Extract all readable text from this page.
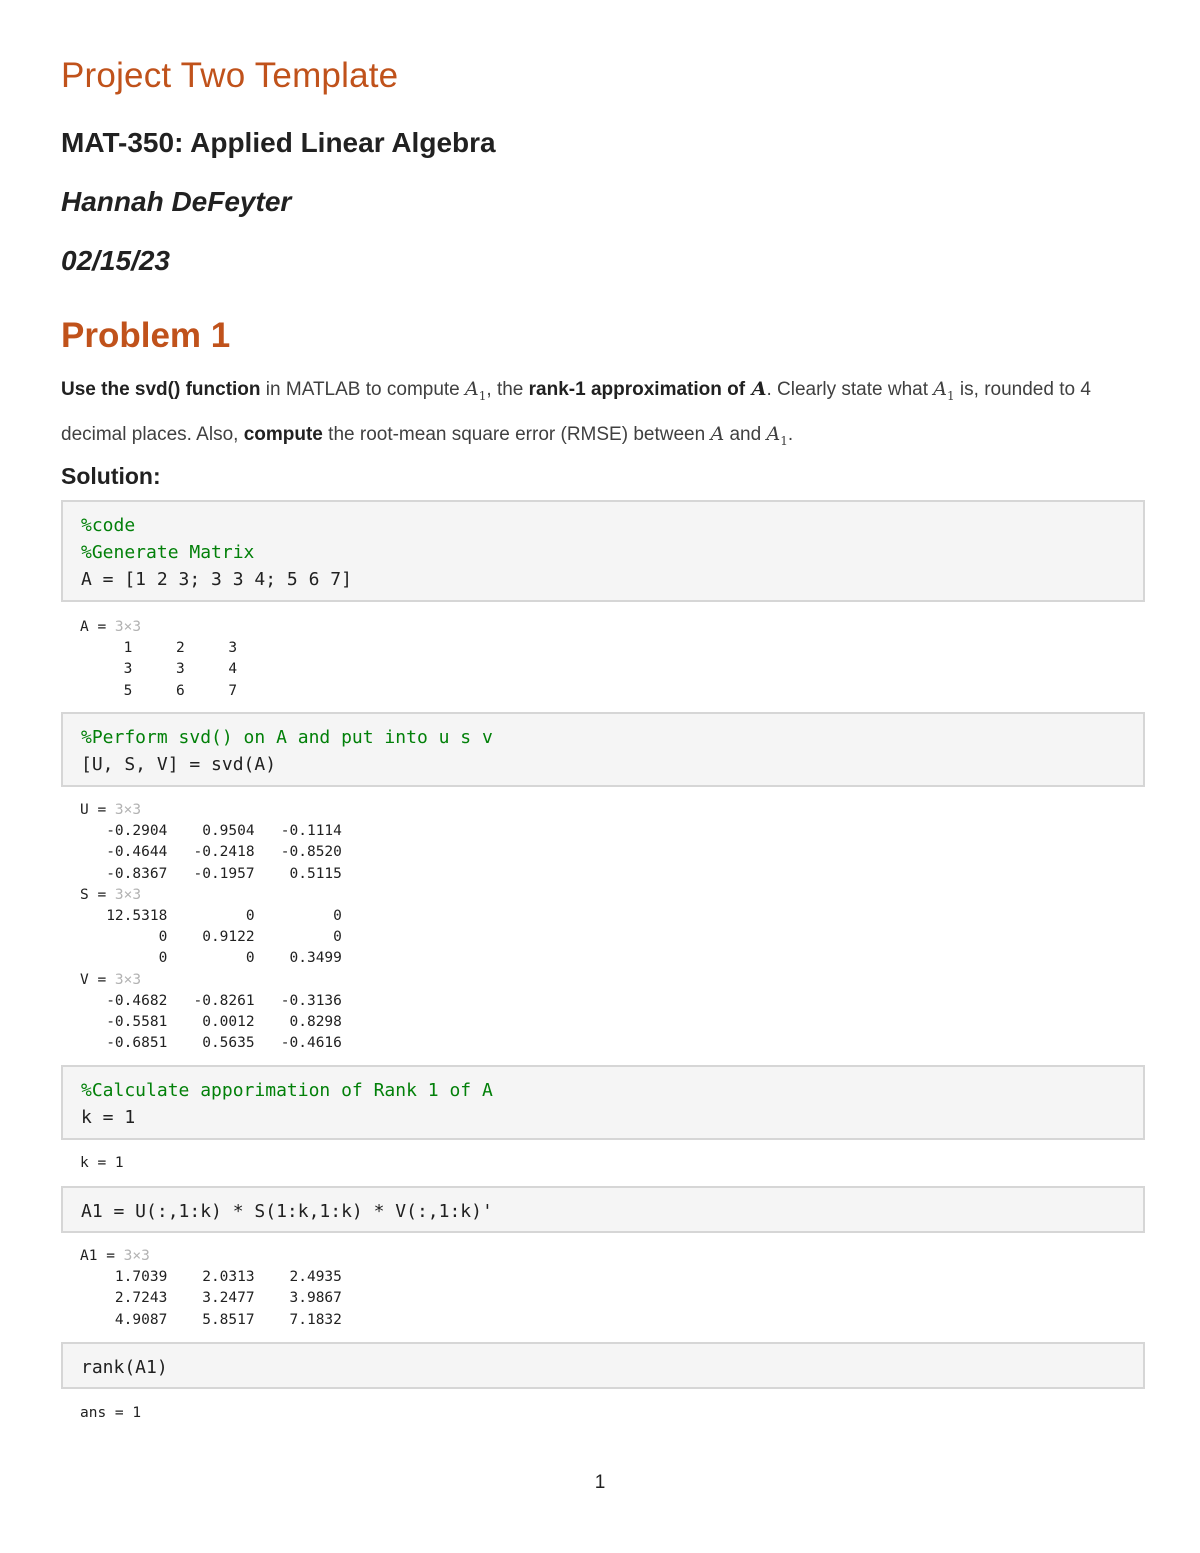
Project Two Template
MAT-350: Applied Linear Algebra
Hannah DeFeyter
02/15/23
Problem 1

Use the svd() function in MATLAB to compute $A_1$, the rank-1 approximation of A. Clearly state what $A_1$ is, rounded to 4 decimal places. Also, compute the root-mean square error (RMSE) between A and $A_1$.

Solution:
%code
%Generate Matrix
A = [1 2 3; 3 3 4; 5 6 7]
A = 3×3
1     2     3
3     3     4
5     6     7
%Perform svd() on A and put into u s v
[U, S, V] = svd(A)
U = 3×3
-0.2904    0.9504   -0.1114
-0.4644   -0.2418   -0.8520
-0.8367   -0.1957    0.5115
S = 3×3
12.5318         0         0
0    0.9122         0
0         0    0.3499
V = 3×3
-0.4682   -0.8261   -0.3136
-0.5581    0.0012    0.8298
-0.6851    0.5635   -0.4616
%Calculate apporimation of Rank 1 of A
k = 1
k = 1
A1 = U(:,1:k) * S(1:k,1:k) * V(:,1:k)'
A1 = 3×3
1.7039    2.0313    2.4935
2.7243    3.2477    3.9867
4.9087    5.8517    7.1832
rank(A1)
ans = 1
1
